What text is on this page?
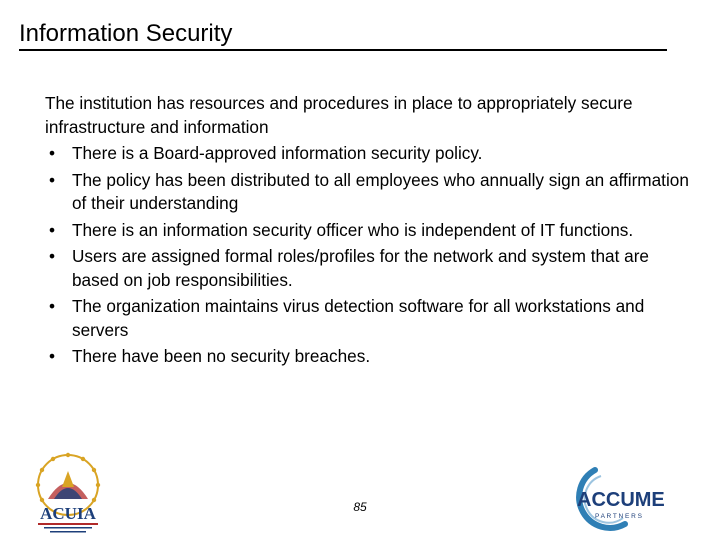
Information Security

The institution has resources and procedures in place to appropriately secure infrastructure and information

• There is a Board-approved information security policy.
• The policy has been distributed to all employees who annually sign an affirmation of their understanding
• There is an information security officer who is independent of IT functions.
• Users are assigned formal roles/profiles for the network and system that are based on job responsibilities.
• The organization maintains virus detection software for all workstations and servers
• There have been no security breaches.
ACUIA	85	ACCUME
P A R T N E R S
